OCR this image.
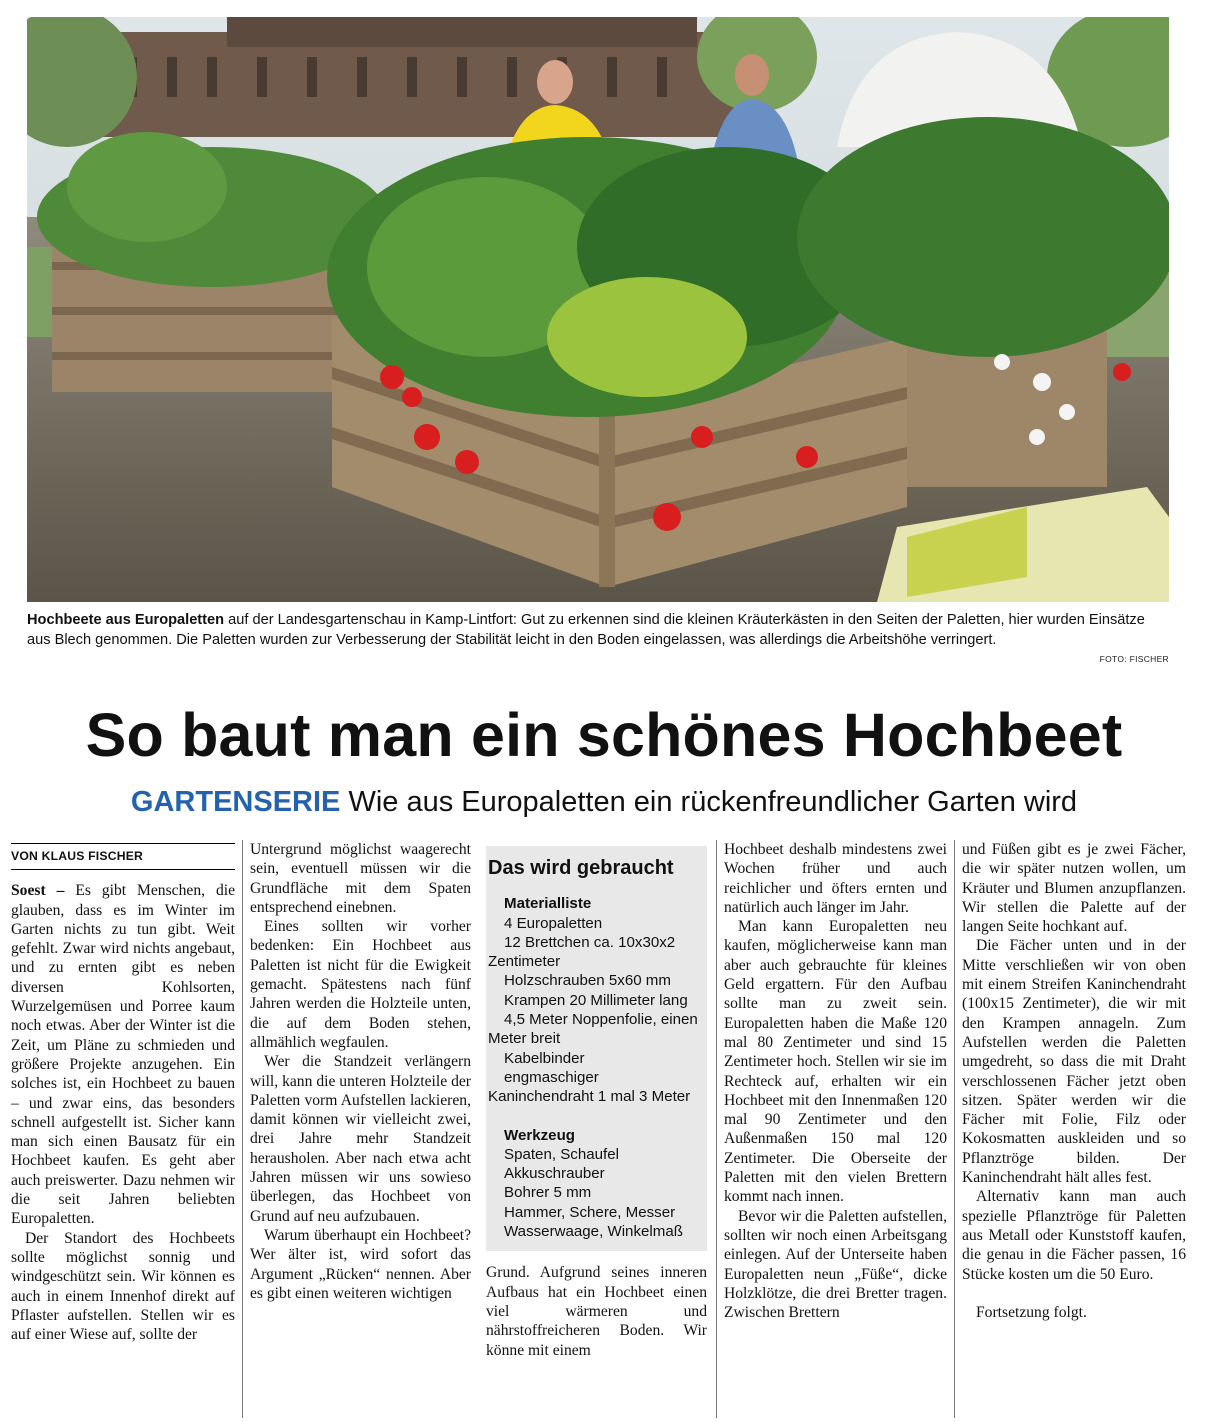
Hochbeete aus Europaletten auf der Landesgartenschau in Kamp-Lintfort: Gut zu erkennen sind die kleinen Kräuterkästen in den Seiten der Paletten, hier wurden Einsätze aus Blech genommen. Die Paletten wurden zur Verbesserung der Stabilität leicht in den Boden eingelassen, was allerdings die Arbeitshöhe verringert.
FOTO: FISCHER
So baut man ein schönes Hochbeet
GARTENSERIE Wie aus Europaletten ein rückenfreundlicher Garten wird
VON KLAUS FISCHER

Soest – Es gibt Menschen, die glauben, dass es im Winter im Garten nichts zu tun gibt. Weit gefehlt. Zwar wird nichts angebaut, und zu ernten gibt es neben diversen Kohlsorten, Wurzelgemüsen und Porree kaum noch etwas. Aber der Winter ist die Zeit, um Pläne zu schmieden und größere Projekte anzugehen. Ein solches ist, ein Hochbeet zu bauen – und zwar eins, das besonders schnell aufgestellt ist. Sicher kann man sich einen Bausatz für ein Hochbeet kaufen. Es geht aber auch preiswerter. Dazu nehmen wir die seit Jahren beliebten Europaletten.

Der Standort des Hochbeets sollte möglichst sonnig und windgeschützt sein. Wir können es auch in einem Innenhof direkt auf Pflaster aufstellen. Stellen wir es auf einer Wiese auf, sollte der

Untergrund möglichst waagerecht sein, eventuell müssen wir die Grundfläche mit dem Spaten entsprechend einebnen.

Eines sollten wir vorher bedenken: Ein Hochbeet aus Paletten ist nicht für die Ewigkeit gemacht. Spätestens nach fünf Jahren werden die Holzteile unten, die auf dem Boden stehen, allmählich wegfaulen.

Wer die Standzeit verlängern will, kann die unteren Holzteile der Paletten vorm Aufstellen lackieren, damit können wir vielleicht zwei, drei Jahre mehr Standzeit herausholen. Aber nach etwa acht Jahren müssen wir uns sowieso überlegen, das Hochbeet von Grund auf neu aufzubauen.

Warum überhaupt ein Hochbeet? Wer älter ist, wird sofort das Argument „Rücken“ nennen. Aber es gibt einen weiteren wichtigen

Das wird gebraucht
Materialliste
4 Europaletten
12 Brettchen ca. 10x30x2 Zentimeter
Holzschrauben 5x60 mm
Krampen 20 Millimeter lang
4,5 Meter Noppenfolie, einen Meter breit
Kabelbinder
engmaschiger Kaninchendraht 1 mal 3 Meter
Werkzeug
Spaten, Schaufel
Akkuschrauber
Bohrer 5 mm
Hammer, Schere, Messer
Wasserwaage, Winkelmaß

Grund. Aufgrund seines inneren Aufbaus hat ein Hochbeet einen viel wärmeren und nährstoffreicheren Boden. Wir könne mit einem

Hochbeet deshalb mindestens zwei Wochen früher und auch reichlicher und öfters ernten und natürlich auch länger im Jahr.

Man kann Europaletten neu kaufen, möglicherweise kann man aber auch gebrauchte für kleines Geld ergattern. Für den Aufbau sollte man zu zweit sein. Europaletten haben die Maße 120 mal 80 Zentimeter und sind 15 Zentimeter hoch. Stellen wir sie im Rechteck auf, erhalten wir ein Hochbeet mit den Innenmaßen 120 mal 90 Zentimeter und den Außenmaßen 150 mal 120 Zentimeter. Die Oberseite der Paletten mit den vielen Brettern kommt nach innen.

Bevor wir die Paletten aufstellen, sollten wir noch einen Arbeitsgang einlegen. Auf der Unterseite haben Europaletten neun „Füße“, dicke Holzklötze, die drei Bretter tragen. Zwischen Brettern

und Füßen gibt es je zwei Fächer, die wir später nutzen wollen, um Kräuter und Blumen anzupflanzen. Wir stellen die Palette auf der langen Seite hochkant auf.

Die Fächer unten und in der Mitte verschließen wir von oben mit einem Streifen Kaninchendraht (100x15 Zentimeter), die wir mit den Krampen annageln. Zum Aufstellen werden die Paletten umgedreht, so dass die mit Draht verschlossenen Fächer jetzt oben sitzen. Später werden wir die Fächer mit Folie, Filz oder Kokosmatten auskleiden und so Pflanztröge bilden. Der Kaninchendraht hält alles fest.

Alternativ kann man auch spezielle Pflanztröge für Paletten aus Metall oder Kunststoff kaufen, die genau in die Fächer passen, 16 Stücke kosten um die 50 Euro.

Fortsetzung folgt.
